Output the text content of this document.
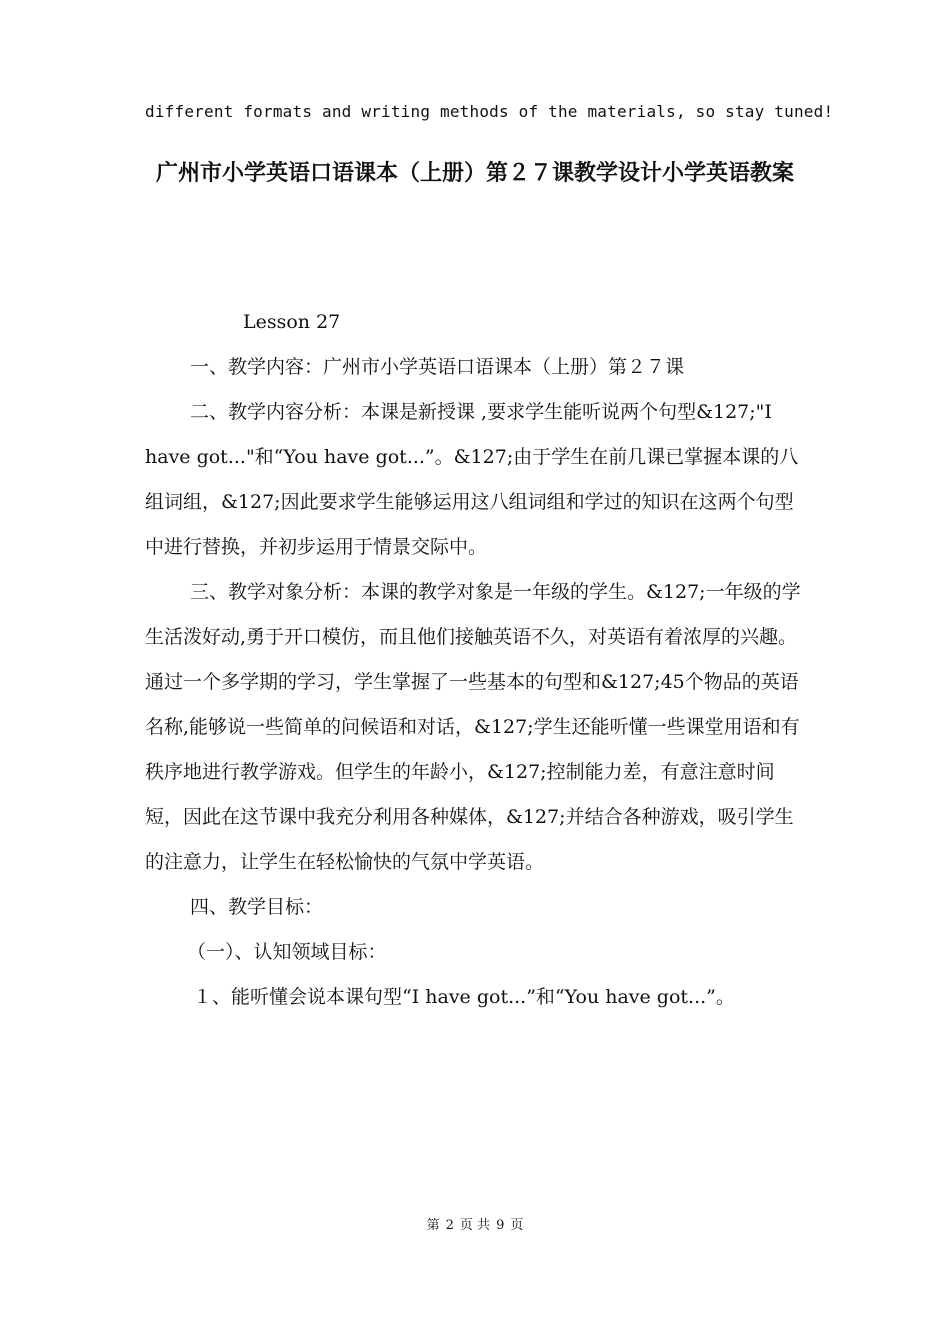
different formats and writing methods of the materials, so stay tuned!
广州市小学英语口语课本（上册）第２７课教学设计小学英语教案

Lesson 27

一、教学内容：广州市小学英语口语课本（上册）第２７课

二、教学内容分析：本课是新授课 ,要求学生能听说两个句型&127;"I have got..."和“You have got...”。&127;由于学生在前几课已掌握本课的八组词组，&127;因此要求学生能够运用这八组词组和学过的知识在这两个句型中进行替换，并初步运用于情景交际中。

三、教学对象分析：本课的教学对象是一年级的学生。&127;一年级的学生活泼好动,勇于开口模仿，而且他们接触英语不久，对英语有着浓厚的兴趣。通过一个多学期的学习，学生掌握了一些基本的句型和&127;45个物品的英语名称,能够说一些简单的问候语和对话，&127;学生还能听懂一些课堂用语和有秩序地进行教学游戏。但学生的年龄小，&127;控制能力差，有意注意时间短，因此在这节课中我充分利用各种媒体，&127;并结合各种游戏，吸引学生的注意力，让学生在轻松愉快的气氛中学英语。

四、教学目标：

（一）、认知领域目标：

１、能听懂会说本课句型“I have got...”和“You have got...”。

第 2 页 共 9 页
